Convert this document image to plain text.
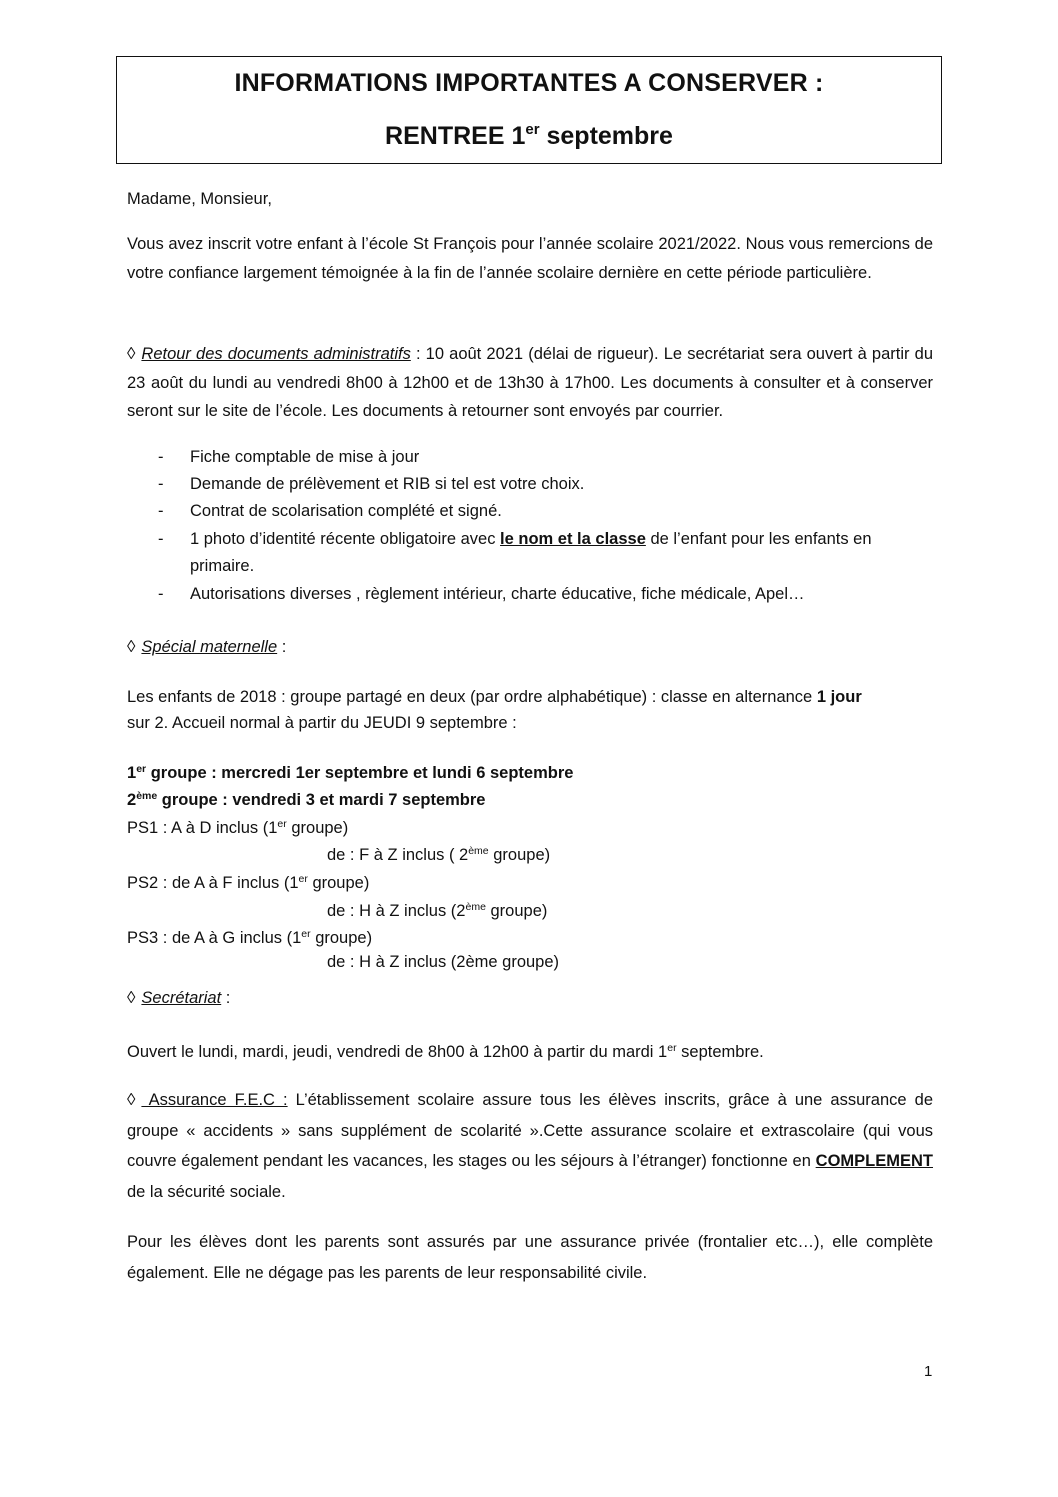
INFORMATIONS IMPORTANTES A CONSERVER :
RENTREE 1er septembre
Madame, Monsieur,
Vous avez inscrit votre enfant à l’école St François pour l’année scolaire 2021/2022. Nous vous remercions de votre confiance largement témoignée à la fin de l’année scolaire dernière en cette période particulière.
◊ Retour des documents administratifs : 10 août 2021 (délai de rigueur). Le secrétariat sera ouvert à partir du 23 août du lundi au vendredi 8h00 à 12h00 et de 13h30 à 17h00. Les documents à consulter et à conserver seront sur le site de l’école. Les documents à retourner sont envoyés par courrier.
- Fiche comptable de mise à jour
- Demande de prélèvement et RIB si tel est votre choix.
- Contrat de scolarisation complété et signé.
- 1 photo d’identité récente obligatoire avec le nom et la classe de l’enfant pour les enfants en
primaire.
- Autorisations diverses , règlement intérieur, charte éducative, fiche médicale, Apel…
◊ Spécial maternelle :
Les enfants de 2018 : groupe partagé en deux (par ordre alphabétique) : classe en alternance 1 jour
sur 2. Accueil normal à partir du JEUDI 9 septembre :
1er groupe : mercredi 1er septembre et lundi 6 septembre
2ème groupe : vendredi 3 et mardi 7 septembre
PS1 : A à D inclus (1er groupe)
de : F à Z inclus ( 2ème groupe)
PS2 : de A à F inclus (1er groupe)
de : H à Z inclus (2ème groupe)
PS3 : de A à G inclus (1er groupe)
de : H à Z inclus (2ème groupe)
◊ Secrétariat :
Ouvert le lundi, mardi, jeudi, vendredi de 8h00 à 12h00 à partir du mardi 1er septembre.
◊ Assurance F.E.C : L’établissement scolaire assure tous les élèves inscrits, grâce à une assurance de groupe « accidents » sans supplément de scolarité ».Cette assurance scolaire et extrascolaire (qui vous couvre également pendant les vacances, les stages ou les séjours à l’étranger) fonctionne en COMPLEMENT de la sécurité sociale.
Pour les élèves dont les parents sont assurés par une assurance privée (frontalier etc…), elle complète également. Elle ne dégage pas les parents de leur responsabilité civile.
1
